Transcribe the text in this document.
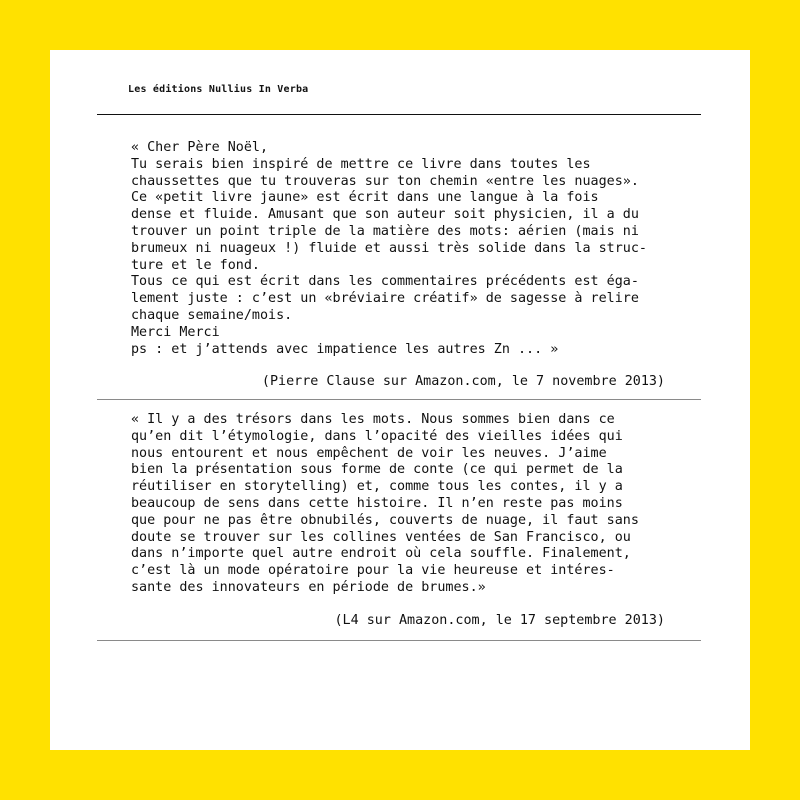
Les éditions Nullius In Verba

« Cher Père Noël,
Tu serais bien inspiré de mettre ce livre dans toutes les
chaussettes que tu trouveras sur ton chemin «entre les nuages».
Ce «petit livre jaune» est écrit dans une langue à la fois
dense et fluide. Amusant que son auteur soit physicien, il a du
trouver un point triple de la matière des mots: aérien (mais ni
brumeux ni nuageux !) fluide et aussi très solide dans la struc-
ture et le fond.
Tous ce qui est écrit dans les commentaires précédents est éga-
lement juste : c’est un «bréviaire créatif» de sagesse à relire
chaque semaine/mois.
Merci Merci
ps : et j’attends avec impatience les autres Zn ... »

(Pierre Clause sur Amazon.com, le 7 novembre 2013)

« Il y a des trésors dans les mots. Nous sommes bien dans ce
qu’en dit l’étymologie, dans l’opacité des vieilles idées qui
nous entourent et nous empêchent de voir les neuves. J’aime
bien la présentation sous forme de conte (ce qui permet de la
réutiliser en storytelling) et, comme tous les contes, il y a
beaucoup de sens dans cette histoire. Il n’en reste pas moins
que pour ne pas être obnubilés, couverts de nuage, il faut sans
doute se trouver sur les collines ventées de San Francisco, ou
dans n’importe quel autre endroit où cela souffle. Finalement,
c’est là un mode opératoire pour la vie heureuse et intéres-
sante des innovateurs en période de brumes.»

(L4 sur Amazon.com, le 17 septembre 2013)
